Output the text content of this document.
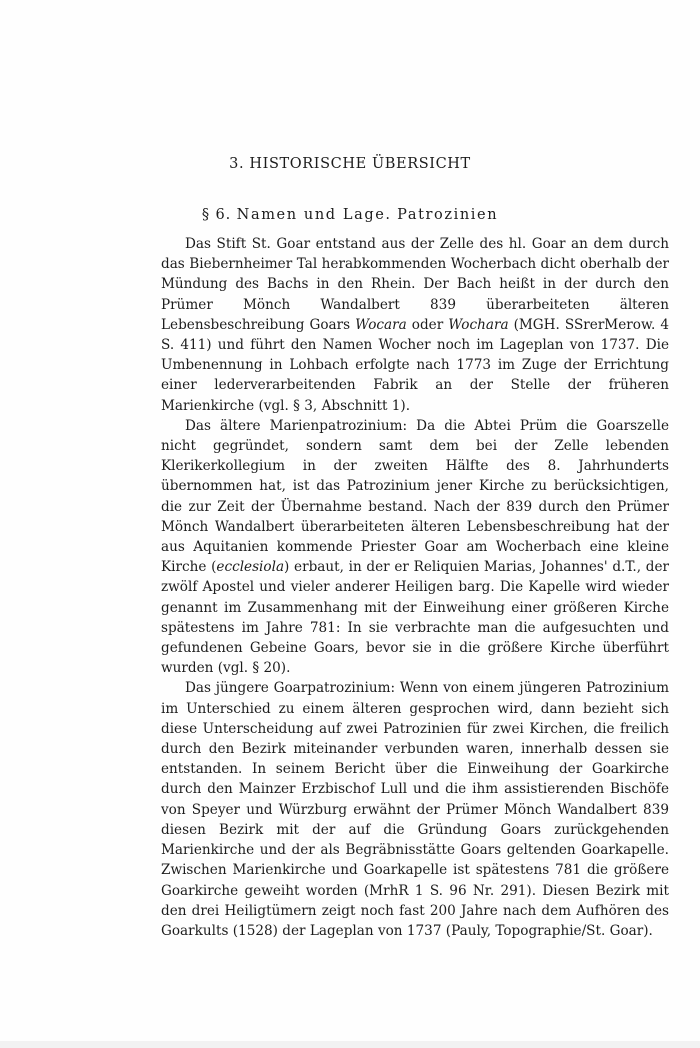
3. HISTORISCHE ÜBERSICHT
§ 6. Namen und Lage. Patrozinien

Das Stift St. Goar entstand aus der Zelle des hl. Goar an dem durch das Biebernheimer Tal herabkommenden Wocherbach dicht oberhalb der Mündung des Bachs in den Rhein. Der Bach heißt in der durch den Prümer Mönch Wandalbert 839 überarbeiteten älteren Lebensbeschreibung Goars Wocara oder Wochara (MGH. SSrerMerow. 4 S. 411) und führt den Namen Wocher noch im Lageplan von 1737. Die Umbenennung in Lohbach erfolgte nach 1773 im Zuge der Errichtung einer lederverarbeitenden Fabrik an der Stelle der früheren Marienkirche (vgl. § 3, Abschnitt 1).

Das ältere Marienpatrozinium: Da die Abtei Prüm die Goarszelle nicht gegründet, sondern samt dem bei der Zelle lebenden Klerikerkollegium in der zweiten Hälfte des 8. Jahrhunderts übernommen hat, ist das Patrozinium jener Kirche zu berücksichtigen, die zur Zeit der Übernahme bestand. Nach der 839 durch den Prümer Mönch Wandalbert überarbeiteten älteren Lebensbeschreibung hat der aus Aquitanien kommende Priester Goar am Wocherbach eine kleine Kirche (ecclesiola) erbaut, in der er Reliquien Marias, Johannes' d.T., der zwölf Apostel und vieler anderer Heiligen barg. Die Kapelle wird wieder genannt im Zusammenhang mit der Einweihung einer größeren Kirche spätestens im Jahre 781: In sie verbrachte man die aufgesuchten und gefundenen Gebeine Goars, bevor sie in die größere Kirche überführt wurden (vgl. § 20).

Das jüngere Goarpatrozinium: Wenn von einem jüngeren Patrozinium im Unterschied zu einem älteren gesprochen wird, dann bezieht sich diese Unterscheidung auf zwei Patrozinien für zwei Kirchen, die freilich durch den Bezirk miteinander verbunden waren, innerhalb dessen sie entstanden. In seinem Bericht über die Einweihung der Goarkirche durch den Mainzer Erzbischof Lull und die ihm assistierenden Bischöfe von Speyer und Würzburg erwähnt der Prümer Mönch Wandalbert 839 diesen Bezirk mit der auf die Gründung Goars zurückgehenden Marienkirche und der als Begräbnisstätte Goars geltenden Goarkapelle. Zwischen Marienkirche und Goarkapelle ist spätestens 781 die größere Goarkirche geweiht worden (MrhR 1 S. 96 Nr. 291). Diesen Bezirk mit den drei Heiligtümern zeigt noch fast 200 Jahre nach dem Aufhören des Goarkults (1528) der Lageplan von 1737 (Pauly, Topographie/St. Goar).
